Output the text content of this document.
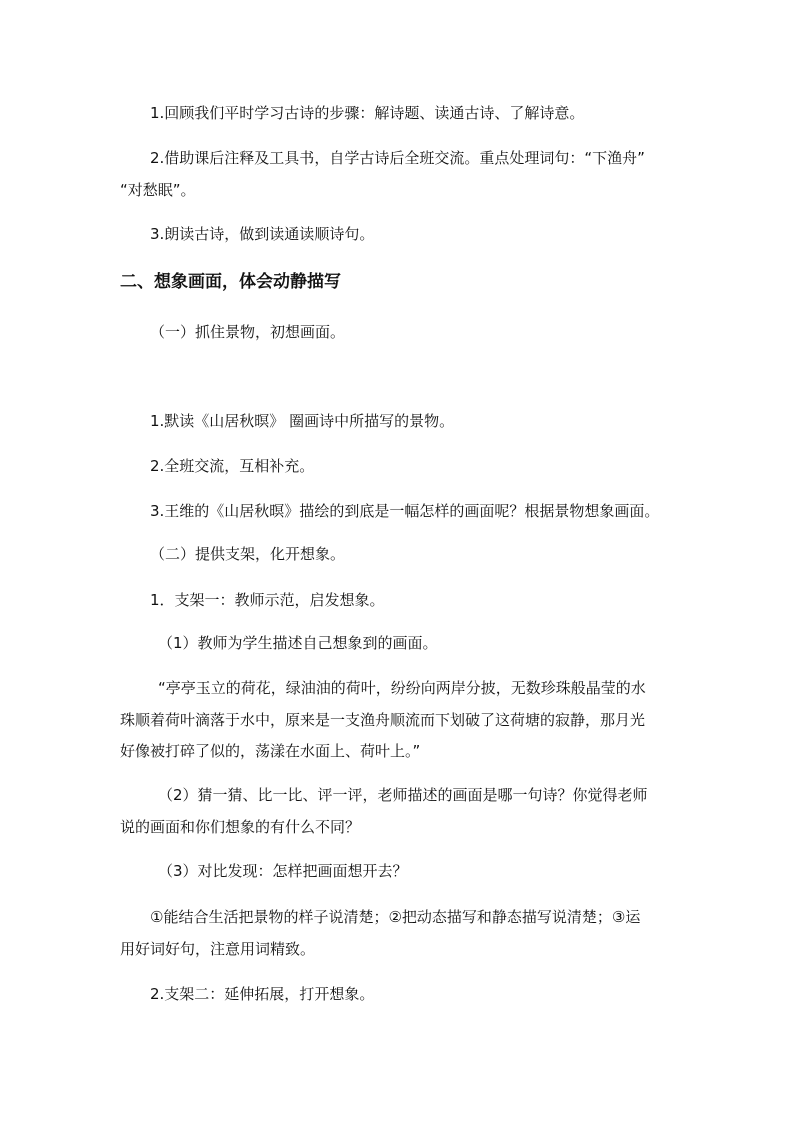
1.回顾我们平时学习古诗的步骤：解诗题、读通古诗、了解诗意。
2.借助课后注释及工具书，自学古诗后全班交流。重点处理词句：“下渔舟”
“对愁眠”。
3.朗读古诗，做到读通读顺诗句。
二、想象画面，体会动静描写
（一）抓住景物，初想画面。
1.默读《山居秋暝》 圈画诗中所描写的景物。
2.全班交流，互相补充。
3.王维的《山居秋暝》描绘的到底是一幅怎样的画面呢？根据景物想象画面。
（二）提供支架，化开想象。
1．支架一：教师示范，启发想象。
（1）教师为学生描述自己想象到的画面。
“亭亭玉立的荷花，绿油油的荷叶，纷纷向两岸分披，无数珍珠般晶莹的水
珠顺着荷叶滴落于水中，原来是一支渔舟顺流而下划破了这荷塘的寂静，那月光
好像被打碎了似的，荡漾在水面上、荷叶上。”
（2）猜一猜、比一比、评一评，老师描述的画面是哪一句诗？你觉得老师
说的画面和你们想象的有什么不同？
（3）对比发现：怎样把画面想开去？
①能结合生活把景物的样子说清楚；②把动态描写和静态描写说清楚；③运
用好词好句，注意用词精致。
2.支架二：延伸拓展，打开想象。
